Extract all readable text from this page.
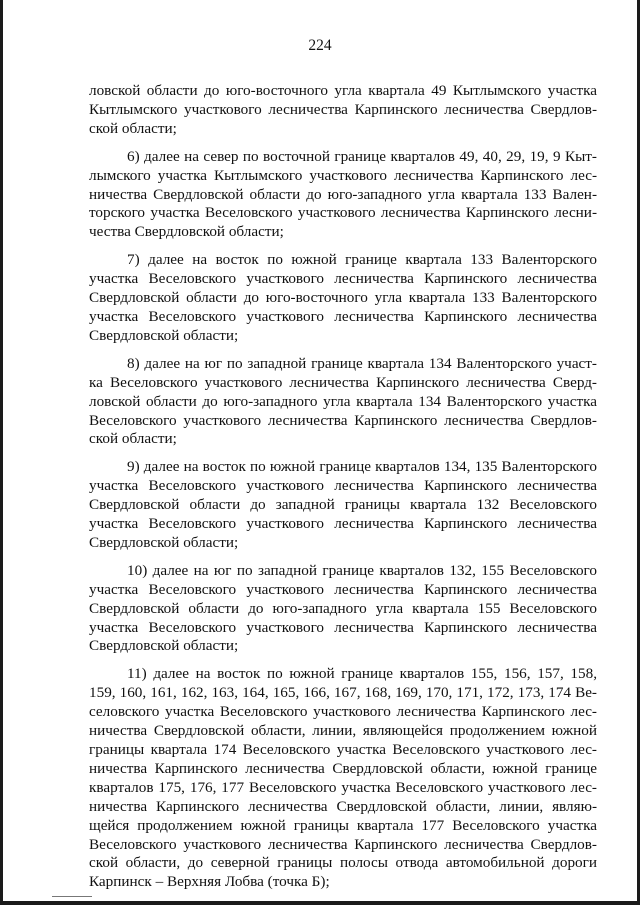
224
ловской области до юго-восточного угла квартала 49 Кытлымского участка
Кытлымского участкового лесничества Карпинского лесничества Свердлов-
ской области;
6) далее на север по восточной границе кварталов 49, 40, 29, 19, 9 Кыт-
лымского участка Кытлымского участкового лесничества Карпинского лес-
ничества Свердловской области до юго-западного угла квартала 133 Вален-
торского участка Веселовского участкового лесничества Карпинского лесни-
чества Свердловской области;
7) далее на восток по южной границе квартала 133 Валенторского
участка Веселовского участкового лесничества Карпинского лесничества
Свердловской области до юго-восточного угла квартала 133 Валенторского
участка Веселовского участкового лесничества Карпинского лесничества
Свердловской области;
8) далее на юг по западной границе квартала 134 Валенторского участ-
ка Веселовского участкового лесничества Карпинского лесничества Сверд-
ловской области до юго-западного угла квартала 134 Валенторского участка
Веселовского участкового лесничества Карпинского лесничества Свердлов-
ской области;
9) далее на восток по южной границе кварталов 134, 135 Валенторского
участка Веселовского участкового лесничества Карпинского лесничества
Свердловской области до западной границы квартала 132 Веселовского
участка Веселовского участкового лесничества Карпинского лесничества
Свердловской области;
10) далее на юг по западной границе кварталов 132, 155 Веселовского
участка Веселовского участкового лесничества Карпинского лесничества
Свердловской области до юго-западного угла квартала 155 Веселовского
участка Веселовского участкового лесничества Карпинского лесничества
Свердловской области;
11) далее на восток по южной границе кварталов 155, 156, 157, 158,
159, 160, 161, 162, 163, 164, 165, 166, 167, 168, 169, 170, 171, 172, 173, 174 Ве-
селовского участка Веселовского участкового лесничества Карпинского лес-
ничества Свердловской области, линии, являющейся продолжением южной
границы квартала 174 Веселовского участка Веселовского участкового лес-
ничества Карпинского лесничества Свердловской области, южной границе
кварталов 175, 176, 177 Веселовского участка Веселовского участкового лес-
ничества Карпинского лесничества Свердловской области, линии, являю-
щейся продолжением южной границы квартала 177 Веселовского участка
Веселовского участкового лесничества Карпинского лесничества Свердлов-
ской области, до северной границы полосы отвода автомобильной дороги
Карпинск – Верхняя Лобва (точка Б);
